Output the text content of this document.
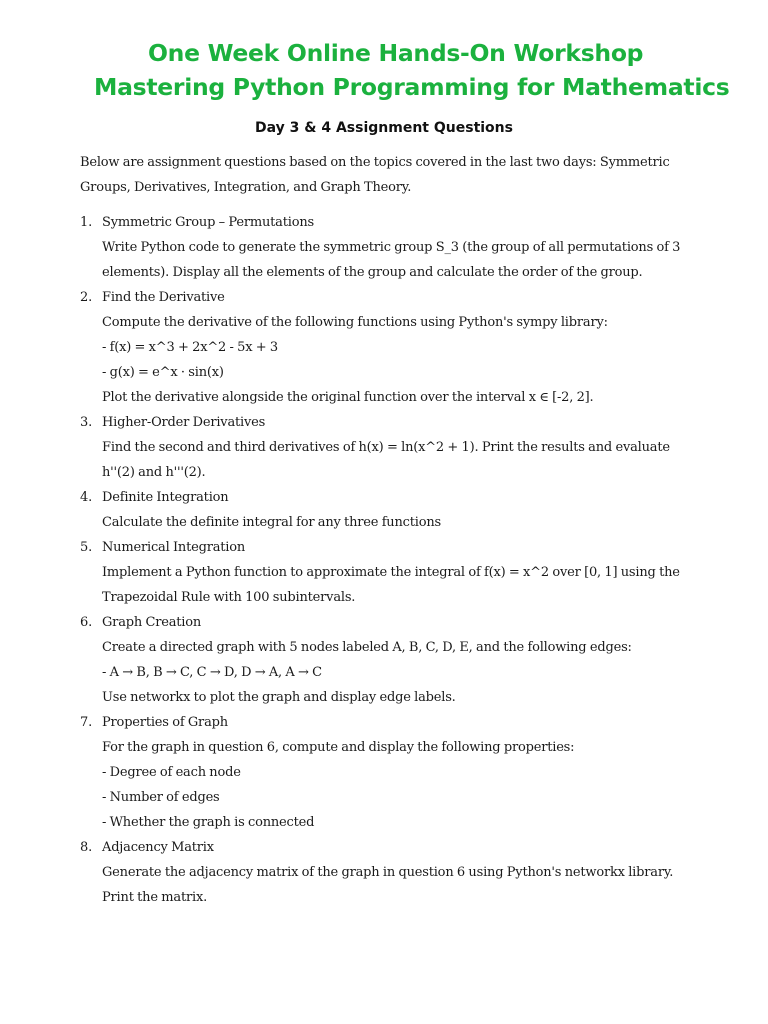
One Week Online Hands-On Workshop
Mastering Python Programming for Mathematics
Day 3 & 4 Assignment Questions
Below are assignment questions based on the topics covered in the last two days: Symmetric Groups, Derivatives, Integration, and Graph Theory.
1. Symmetric Group – Permutations
Write Python code to generate the symmetric group S_3 (the group of all permutations of 3 elements). Display all the elements of the group and calculate the order of the group.
2. Find the Derivative
Compute the derivative of the following functions using Python's sympy library:
- f(x) = x^3 + 2x^2 - 5x + 3
- g(x) = e^x · sin(x)
Plot the derivative alongside the original function over the interval x ∈ [-2, 2].
3. Higher-Order Derivatives
Find the second and third derivatives of h(x) = ln(x^2 + 1). Print the results and evaluate h''(2) and h'''(2).
4. Definite Integration
Calculate the definite integral for any three functions
5. Numerical Integration
Implement a Python function to approximate the integral of f(x) = x^2 over [0, 1] using the Trapezoidal Rule with 100 subintervals.
6. Graph Creation
Create a directed graph with 5 nodes labeled A, B, C, D, E, and the following edges:
- A → B, B → C, C → D, D → A, A → C
Use networkx to plot the graph and display edge labels.
7. Properties of Graph
For the graph in question 6, compute and display the following properties:
- Degree of each node
- Number of edges
- Whether the graph is connected
8. Adjacency Matrix
Generate the adjacency matrix of the graph in question 6 using Python's networkx library. Print the matrix.
